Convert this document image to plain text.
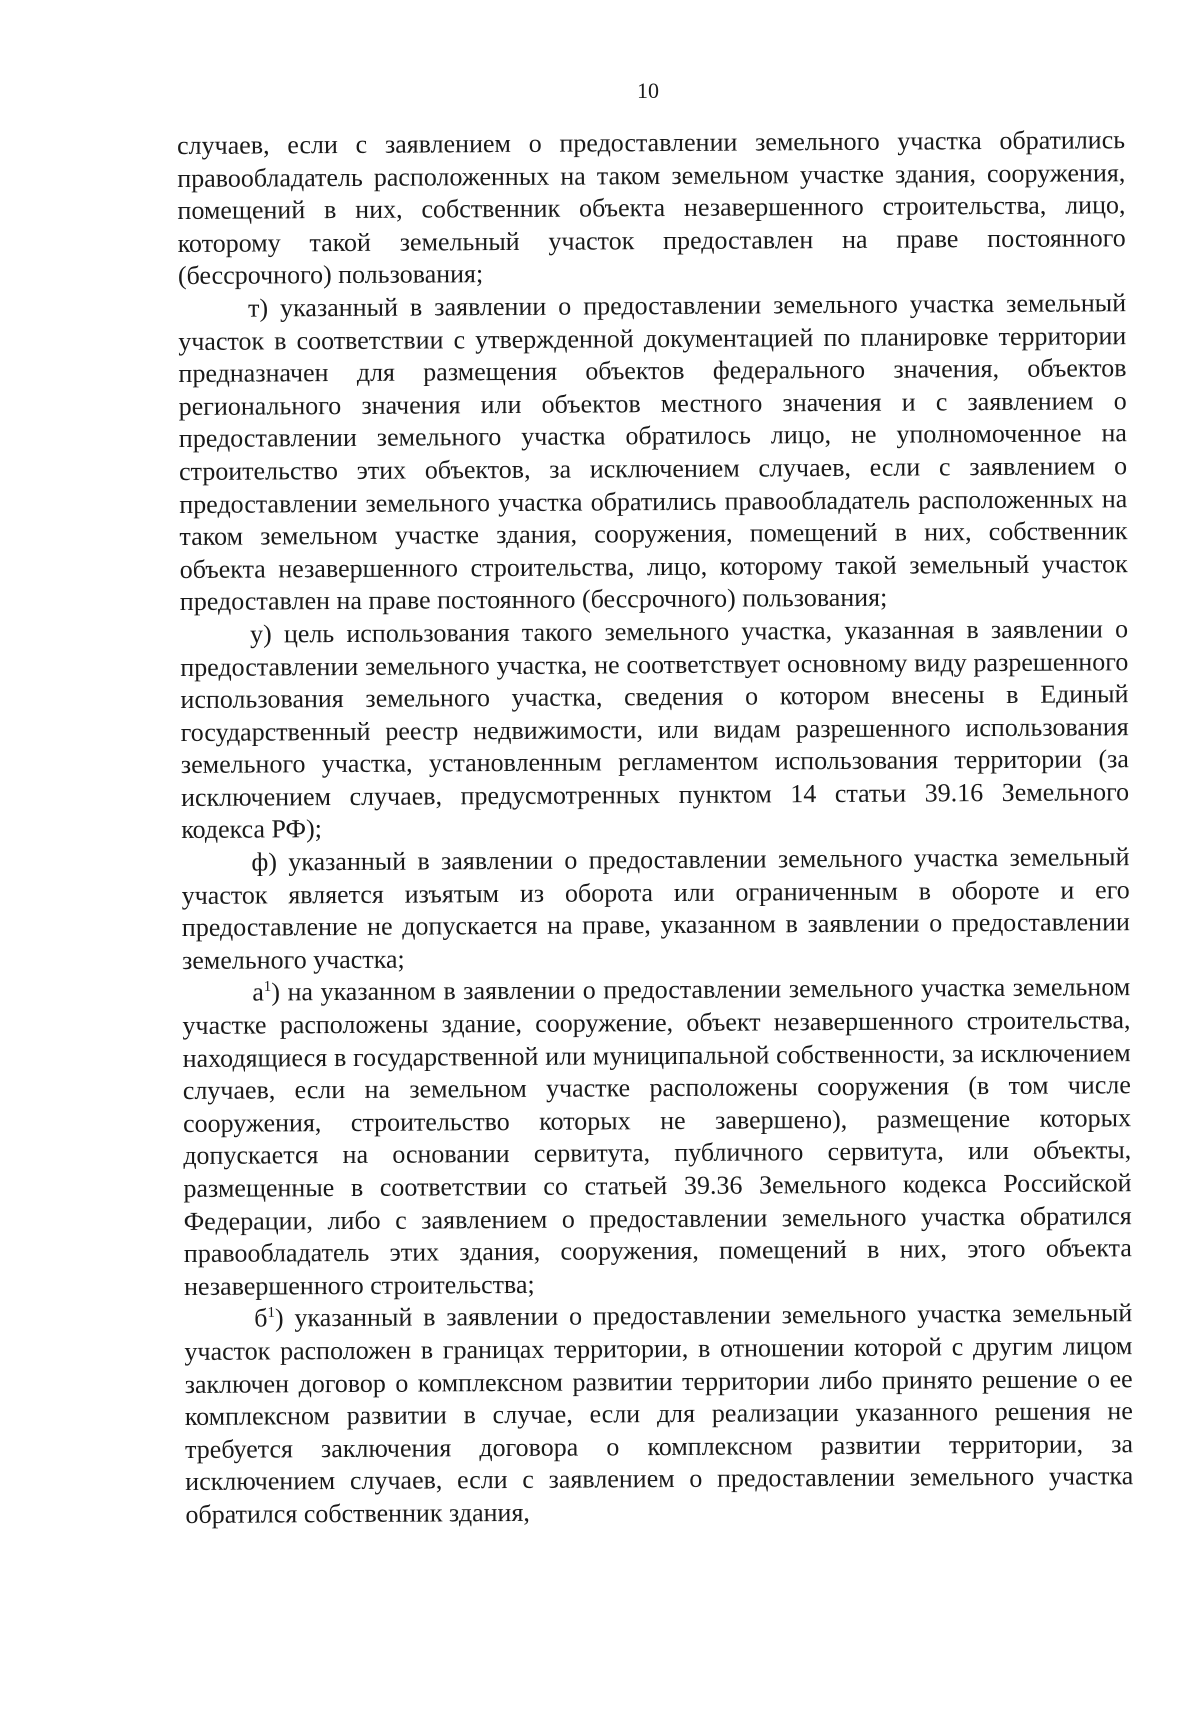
10

случаев, если с заявлением о предоставлении земельного участка обратились правообладатель расположенных на таком земельном участке здания, сооружения, помещений в них, собственник объекта незавершенного строительства, лицо, которому такой земельный участок предоставлен на праве постоянного (бессрочного) пользования;

т) указанный в заявлении о предоставлении земельного участка земельный участок в соответствии с утвержденной документацией по планировке территории предназначен для размещения объектов федерального значения, объектов регионального значения или объектов местного значения и с заявлением о предоставлении земельного участка обратилось лицо, не уполномоченное на строительство этих объектов, за исключением случаев, если с заявлением о предоставлении земельного участка обратились правообладатель расположенных на таком земельном участке здания, сооружения, помещений в них, собственник объекта незавершенного строительства, лицо, которому такой земельный участок предоставлен на праве постоянного (бессрочного) пользования;

у) цель использования такого земельного участка, указанная в заявлении о предоставлении земельного участка, не соответствует основному виду разрешенного использования земельного участка, сведения о котором внесены в Единый государственный реестр недвижимости, или видам разрешенного использования земельного участка, установленным регламентом использования территории (за исключением случаев, предусмотренных пунктом 14 статьи 39.16 Земельного кодекса РФ);

ф) указанный в заявлении о предоставлении земельного участка земельный участок является изъятым из оборота или ограниченным в обороте и его предоставление не допускается на праве, указанном в заявлении о предоставлении земельного участка;

$а^1$) на указанном в заявлении о предоставлении земельного участка земельном участке расположены здание, сооружение, объект незавершенного строительства, находящиеся в государственной или муниципальной собственности, за исключением случаев, если на земельном участке расположены сооружения (в том числе сооружения, строительство которых не завершено), размещение которых допускается на основании сервитута, публичного сервитута, или объекты, размещенные в соответствии со статьей 39.36 Земельного кодекса Российской Федерации, либо с заявлением о предоставлении земельного участка обратился правообладатель этих здания, сооружения, помещений в них, этого объекта незавершенного строительства;

$б^1$) указанный в заявлении о предоставлении земельного участка земельный участок расположен в границах территории, в отношении которой с другим лицом заключен договор о комплексном развитии территории либо принято решение о ее комплексном развитии в случае, если для реализации указанного решения не требуется заключения договора о комплексном развитии территории, за исключением случаев, если с заявлением о предоставлении земельного участка обратился собственник здания,
